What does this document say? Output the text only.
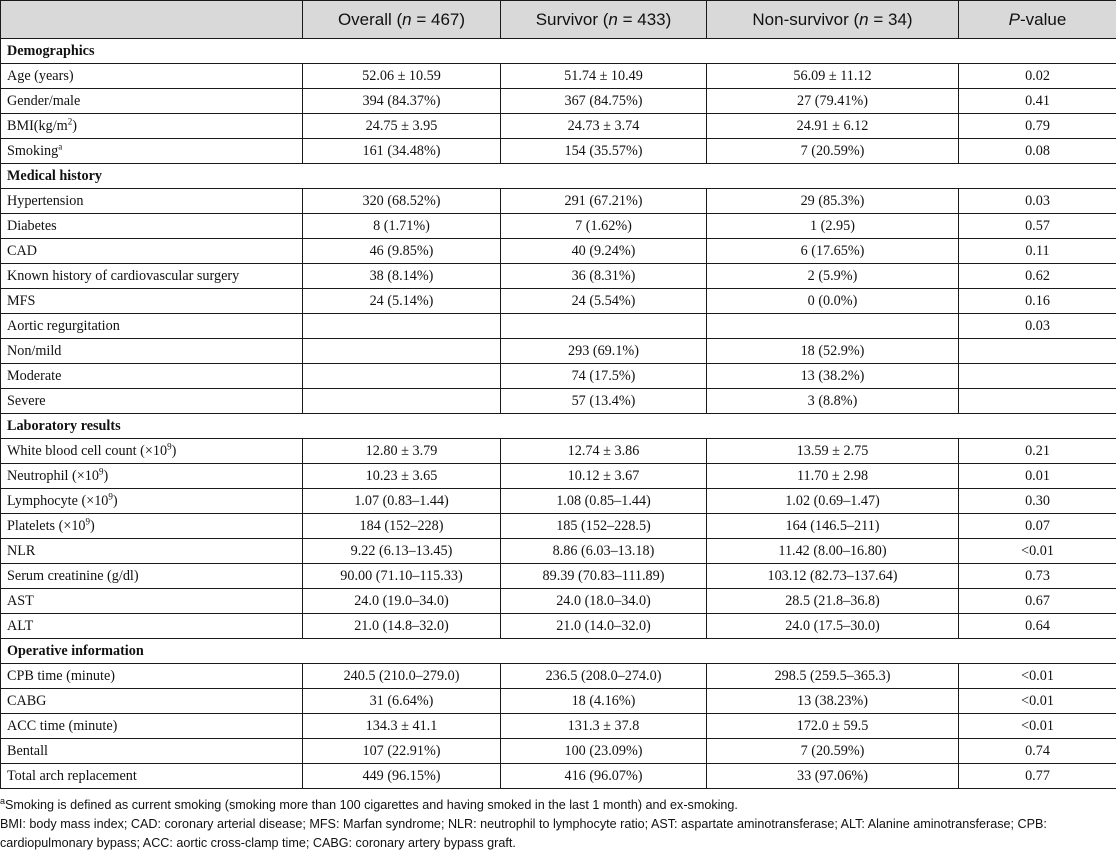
	Overall (n = 467)	Survivor (n = 433)	Non-survivor (n = 34)	P-value
Demographics				
Age (years)	52.06 ± 10.59	51.74 ± 10.49	56.09 ± 11.12	0.02
Gender/male	394 (84.37%)	367 (84.75%)	27 (79.41%)	0.41
$BMI(kg/m^2)$	24.75 ± 3.95	24.73 ± 3.74	24.91 ± 6.12	0.79
Smoking$^a$	161 (34.48%)	154 (35.57%)	7 (20.59%)	0.08
Medical history				
Hypertension	320 (68.52%)	291 (67.21%)	29 (85.3%)	0.03
Diabetes	8 (1.71%)	7 (1.62%)	1 (2.95)	0.57
CAD	46 (9.85%)	40 (9.24%)	6 (17.65%)	0.11
Known history of cardiovascular surgery	38 (8.14%)	36 (8.31%)	2 (5.9%)	0.62
MFS	24 (5.14%)	24 (5.54%)	0 (0.0%)	0.16
Aortic regurgitation				0.03
Non/mild		293 (69.1%)	18 (52.9%)	
Moderate		74 (17.5%)	13 (38.2%)	
Severe		57 (13.4%)	3 (8.8%)	
Laboratory results				
White blood cell count $(\times 10^9)$	12.80 ± 3.79	12.74 ± 3.86	13.59 ± 2.75	0.21
Neutrophil $(\times 10^9)$	10.23 ± 3.65	10.12 ± 3.67	11.70 ± 2.98	0.01
Lymphocyte $(\times 10^9)$	1.07 (0.83–1.44)	1.08 (0.85–1.44)	1.02 (0.69–1.47)	0.30
Platelets $(\times 10^9)$	184 (152–228)	185 (152–228.5)	164 (146.5–211)	0.07
NLR	9.22 (6.13–13.45)	8.86 (6.03–13.18)	11.42 (8.00–16.80)	<0.01
Serum creatinine (g/dl)	90.00 (71.10–115.33)	89.39 (70.83–111.89)	103.12 (82.73–137.64)	0.73
AST	24.0 (19.0–34.0)	24.0 (18.0–34.0)	28.5 (21.8–36.8)	0.67
ALT	21.0 (14.8–32.0)	21.0 (14.0–32.0)	24.0 (17.5–30.0)	0.64
Operative information				
CPB time (minute)	240.5 (210.0–279.0)	236.5 (208.0–274.0)	298.5 (259.5–365.3)	<0.01
CABG	31 (6.64%)	18 (4.16%)	13 (38.23%)	<0.01
ACC time (minute)	134.3 ± 41.1	131.3 ± 37.8	172.0 ± 59.5	<0.01
Bentall	107 (22.91%)	100 (23.09%)	7 (20.59%)	0.74
Total arch replacement	449 (96.15%)	416 (96.07%)	33 (97.06%)	0.77

$^a$Smoking is defined as current smoking (smoking more than 100 cigarettes and having smoked in the last 1 month) and ex-smoking.

BMI: body mass index; CAD: coronary arterial disease; MFS: Marfan syndrome; NLR: neutrophil to lymphocyte ratio; AST: aspartate aminotransferase; ALT: Alanine aminotransferase; CPB: cardiopulmonary bypass; ACC: aortic cross-clamp time; CABG: coronary artery bypass graft.
